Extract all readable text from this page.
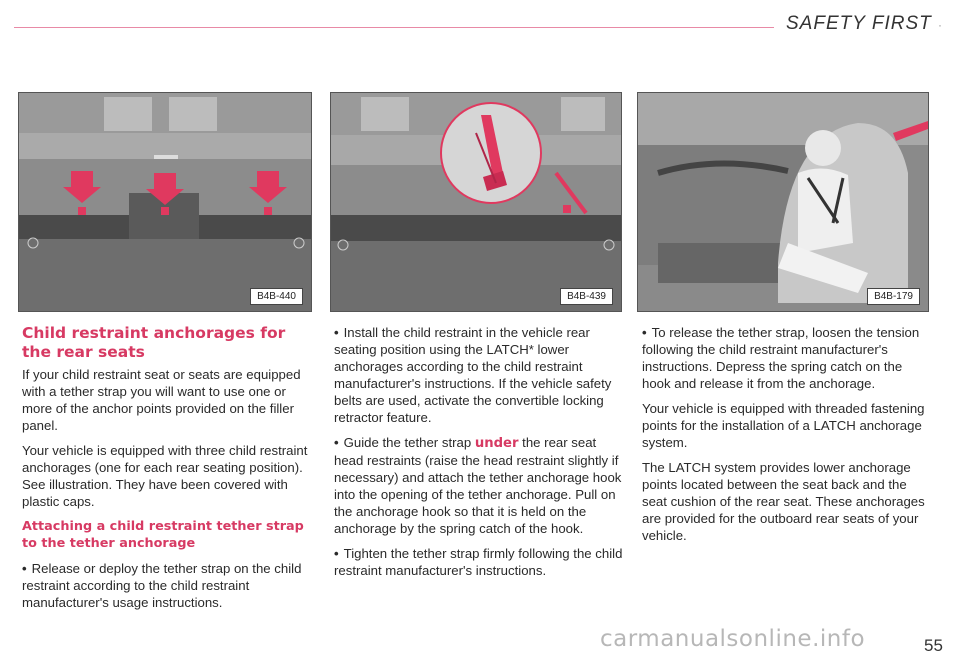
SAFETY FIRST ·
B4B-440	B4B-439	B4B-179
Child restraint anchorages for the rear seats

If your child restraint seat or seats are equipped with a tether strap you will want to use one or more of the anchor points provided on the filler panel.

Your vehicle is equipped with three child restraint anchorages (one for each rear seating position). See illustration. They have been covered with plastic caps.

Attaching a child restraint tether strap to the tether anchorage

• Release or deploy the tether strap on the child restraint according to the child restraint manufacturer's usage instructions.

• Install the child restraint in the vehicle rear seating position using the LATCH* lower anchorages according to the child restraint manufacturer's instructions. If the vehicle safety belts are used, activate the convertible locking retractor feature.

• Guide the tether strap under the rear seat head restraints (raise the head restraint slightly if necessary) and attach the tether anchorage hook into the opening of the tether anchorage. Pull on the anchorage hook so that it is held on the anchorage by the spring catch of the hook.

• Tighten the tether strap firmly following the child restraint manufacturer's instructions.

• To release the tether strap, loosen the tension following the child restraint manufacturer's instructions. Depress the spring catch on the hook and release it from the anchorage.

Your vehicle is equipped with threaded fastening points for the installation of a LATCH anchorage system.

The LATCH system provides lower anchorage points located between the seat back and the seat cushion of the rear seat. These anchorages are provided for the outboard rear seats of your vehicle.

carmanualsonline.info	55
